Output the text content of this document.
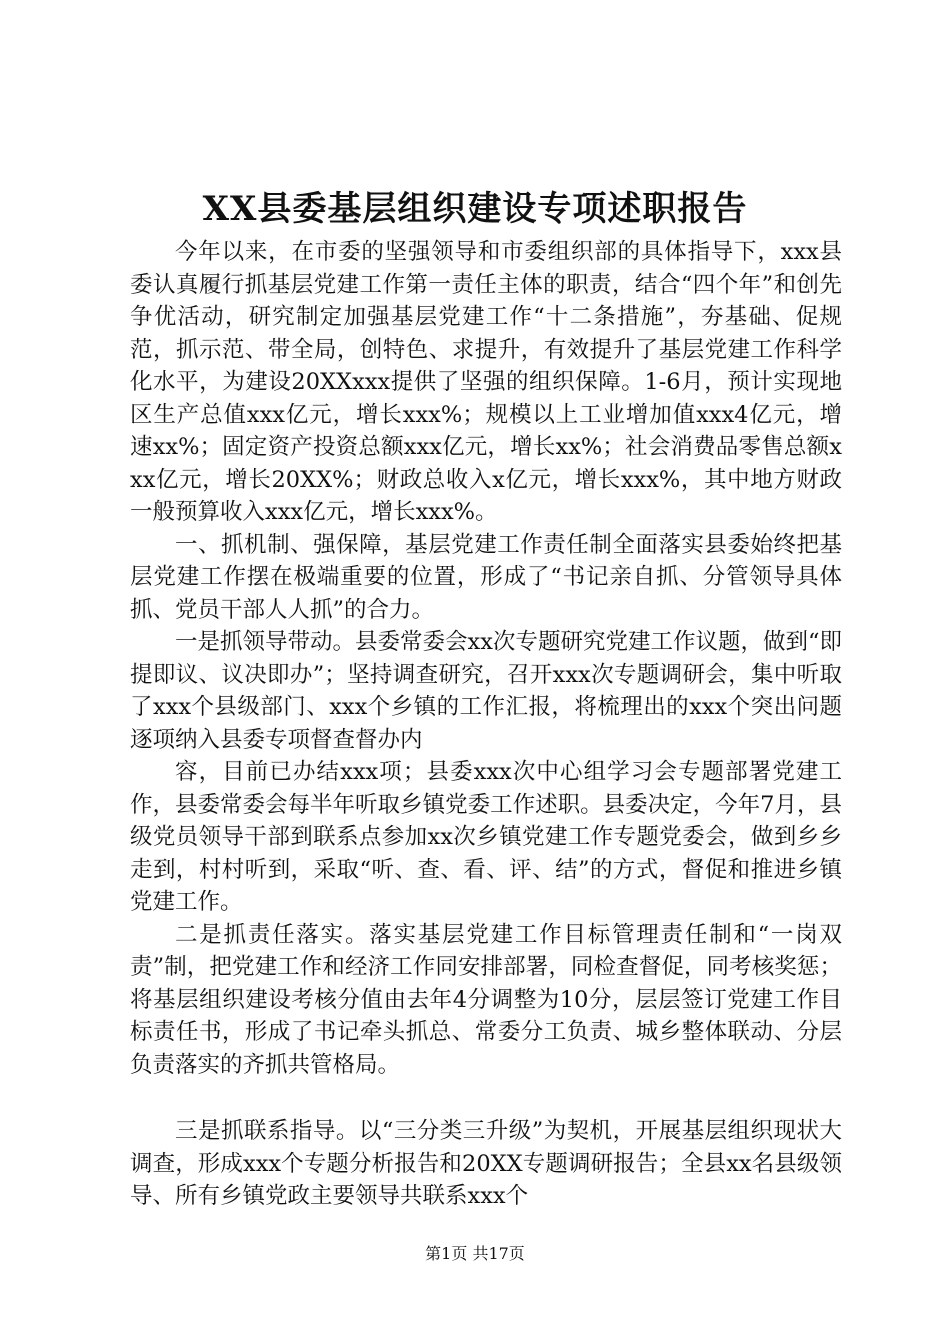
XX县委基层组织建设专项述职报告

今年以来，在市委的坚强领导和市委组织部的具体指导下，xxx县委认真履行抓基层党建工作第一责任主体的职责，结合“四个年”和创先争优活动，研究制定加强基层党建工作“十二条措施”，夯基础、促规范，抓示范、带全局，创特色、求提升，有效提升了基层党建工作科学化水平，为建设20XXxxx提供了坚强的组织保障。1-6月，预计实现地区生产总值xxx亿元，增长xxx%；规模以上工业增加值xxx4亿元，增速xx%；固定资产投资总额xxx亿元，增长xx%；社会消费品零售总额xxx亿元，增长20XX%；财政总收入x亿元，增长xxx%，其中地方财政一般预算收入xxx亿元，增长xxx%。

一、抓机制、强保障，基层党建工作责任制全面落实县委始终把基层党建工作摆在极端重要的位置，形成了“书记亲自抓、分管领导具体抓、党员干部人人抓”的合力。

一是抓领导带动。县委常委会xx次专题研究党建工作议题，做到“即提即议、议决即办”；坚持调查研究，召开xxx次专题调研会，集中听取了xxx个县级部门、xxx个乡镇的工作汇报，将梳理出的xxx个突出问题逐项纳入县委专项督查督办内

容，目前已办结xxx项；县委xxx次中心组学习会专题部署党建工作，县委常委会每半年听取乡镇党委工作述职。县委决定，今年7月，县级党员领导干部到联系点参加xx次乡镇党建工作专题党委会，做到乡乡走到，村村听到，采取“听、查、看、评、结”的方式，督促和推进乡镇党建工作。

二是抓责任落实。落实基层党建工作目标管理责任制和“一岗双责”制，把党建工作和经济工作同安排部署，同检查督促，同考核奖惩；将基层组织建设考核分值由去年4分调整为10分，层层签订党建工作目标责任书，形成了书记牵头抓总、常委分工负责、城乡整体联动、分层负责落实的齐抓共管格局。

三是抓联系指导。以“三分类三升级”为契机，开展基层组织现状大调查，形成xxx个专题分析报告和20XX专题调研报告；全县xx名县级领导、所有乡镇党政主要领导共联系xxx个

第1页 共17页
